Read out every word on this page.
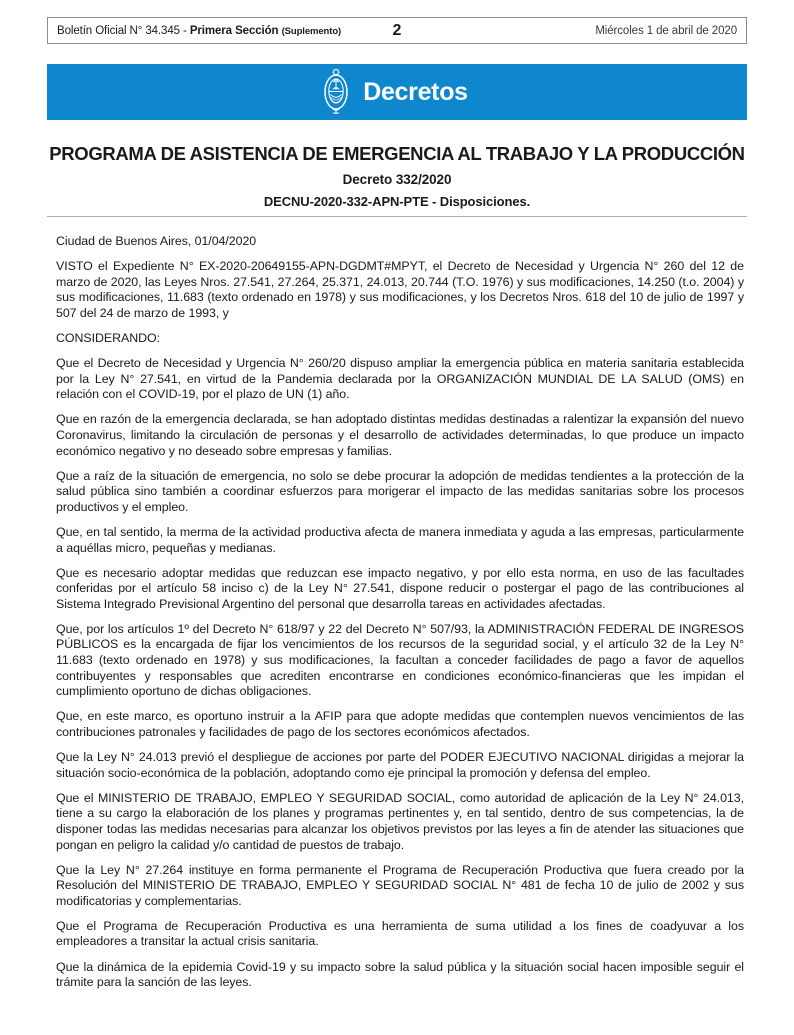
Boletín Oficial N° 34.345 - Primera Sección (Suplemento)	2	Miércoles 1 de abril de 2020
Decretos
PROGRAMA DE ASISTENCIA DE EMERGENCIA AL TRABAJO Y LA PRODUCCIÓN
Decreto 332/2020
DECNU-2020-332-APN-PTE - Disposiciones.

Ciudad de Buenos Aires, 01/04/2020

VISTO el Expediente N° EX-2020-20649155-APN-DGDMT#MPYT, el Decreto de Necesidad y Urgencia N° 260 del 12 de marzo de 2020, las Leyes Nros. 27.541, 27.264, 25.371, 24.013, 20.744 (T.O. 1976) y sus modificaciones, 14.250 (t.o. 2004) y sus modificaciones, 11.683 (texto ordenado en 1978) y sus modificaciones, y los Decretos Nros. 618 del 10 de julio de 1997 y 507 del 24 de marzo de 1993, y

CONSIDERANDO:

Que el Decreto de Necesidad y Urgencia N° 260/20 dispuso ampliar la emergencia pública en materia sanitaria establecida por la Ley N° 27.541, en virtud de la Pandemia declarada por la ORGANIZACIÓN MUNDIAL DE LA SALUD (OMS) en relación con el COVID-19, por el plazo de UN (1) año.

Que en razón de la emergencia declarada, se han adoptado distintas medidas destinadas a ralentizar la expansión del nuevo Coronavirus, limitando la circulación de personas y el desarrollo de actividades determinadas, lo que produce un impacto económico negativo y no deseado sobre empresas y familias.

Que a raíz de la situación de emergencia, no solo se debe procurar la adopción de medidas tendientes a la protección de la salud pública sino también a coordinar esfuerzos para morigerar el impacto de las medidas sanitarias sobre los procesos productivos y el empleo.

Que, en tal sentido, la merma de la actividad productiva afecta de manera inmediata y aguda a las empresas, particularmente a aquéllas micro, pequeñas y medianas.

Que es necesario adoptar medidas que reduzcan ese impacto negativo, y por ello esta norma, en uso de las facultades conferidas por el artículo 58 inciso c) de la Ley N° 27.541, dispone reducir o postergar el pago de las contribuciones al Sistema Integrado Previsional Argentino del personal que desarrolla tareas en actividades afectadas.

Que, por los artículos 1º del Decreto N° 618/97 y 22 del Decreto N° 507/93, la ADMINISTRACIÓN FEDERAL DE INGRESOS PÚBLICOS es la encargada de fijar los vencimientos de los recursos de la seguridad social, y el artículo 32 de la Ley N° 11.683 (texto ordenado en 1978) y sus modificaciones, la facultan a conceder facilidades de pago a favor de aquellos contribuyentes y responsables que acrediten encontrarse en condiciones económico-financieras que les impidan el cumplimiento oportuno de dichas obligaciones.

Que, en este marco, es oportuno instruir a la AFIP para que adopte medidas que contemplen nuevos vencimientos de las contribuciones patronales y facilidades de pago de los sectores económicos afectados.

Que la Ley N° 24.013 previó el despliegue de acciones por parte del PODER EJECUTIVO NACIONAL dirigidas a mejorar la situación socio-económica de la población, adoptando como eje principal la promoción y defensa del empleo.

Que el MINISTERIO DE TRABAJO, EMPLEO Y SEGURIDAD SOCIAL, como autoridad de aplicación de la Ley N° 24.013, tiene a su cargo la elaboración de los planes y programas pertinentes y, en tal sentido, dentro de sus competencias, la de disponer todas las medidas necesarias para alcanzar los objetivos previstos por las leyes a fin de atender las situaciones que pongan en peligro la calidad y/o cantidad de puestos de trabajo.

Que la Ley N° 27.264 instituye en forma permanente el Programa de Recuperación Productiva que fuera creado por la Resolución del MINISTERIO DE TRABAJO, EMPLEO Y SEGURIDAD SOCIAL N° 481 de fecha 10 de julio de 2002 y sus modificatorias y complementarias.

Que el Programa de Recuperación Productiva es una herramienta de suma utilidad a los fines de coadyuvar a los empleadores a transitar la actual crisis sanitaria.

Que la dinámica de la epidemia Covid-19 y su impacto sobre la salud pública y la situación social hacen imposible seguir el trámite para la sanción de las leyes.
